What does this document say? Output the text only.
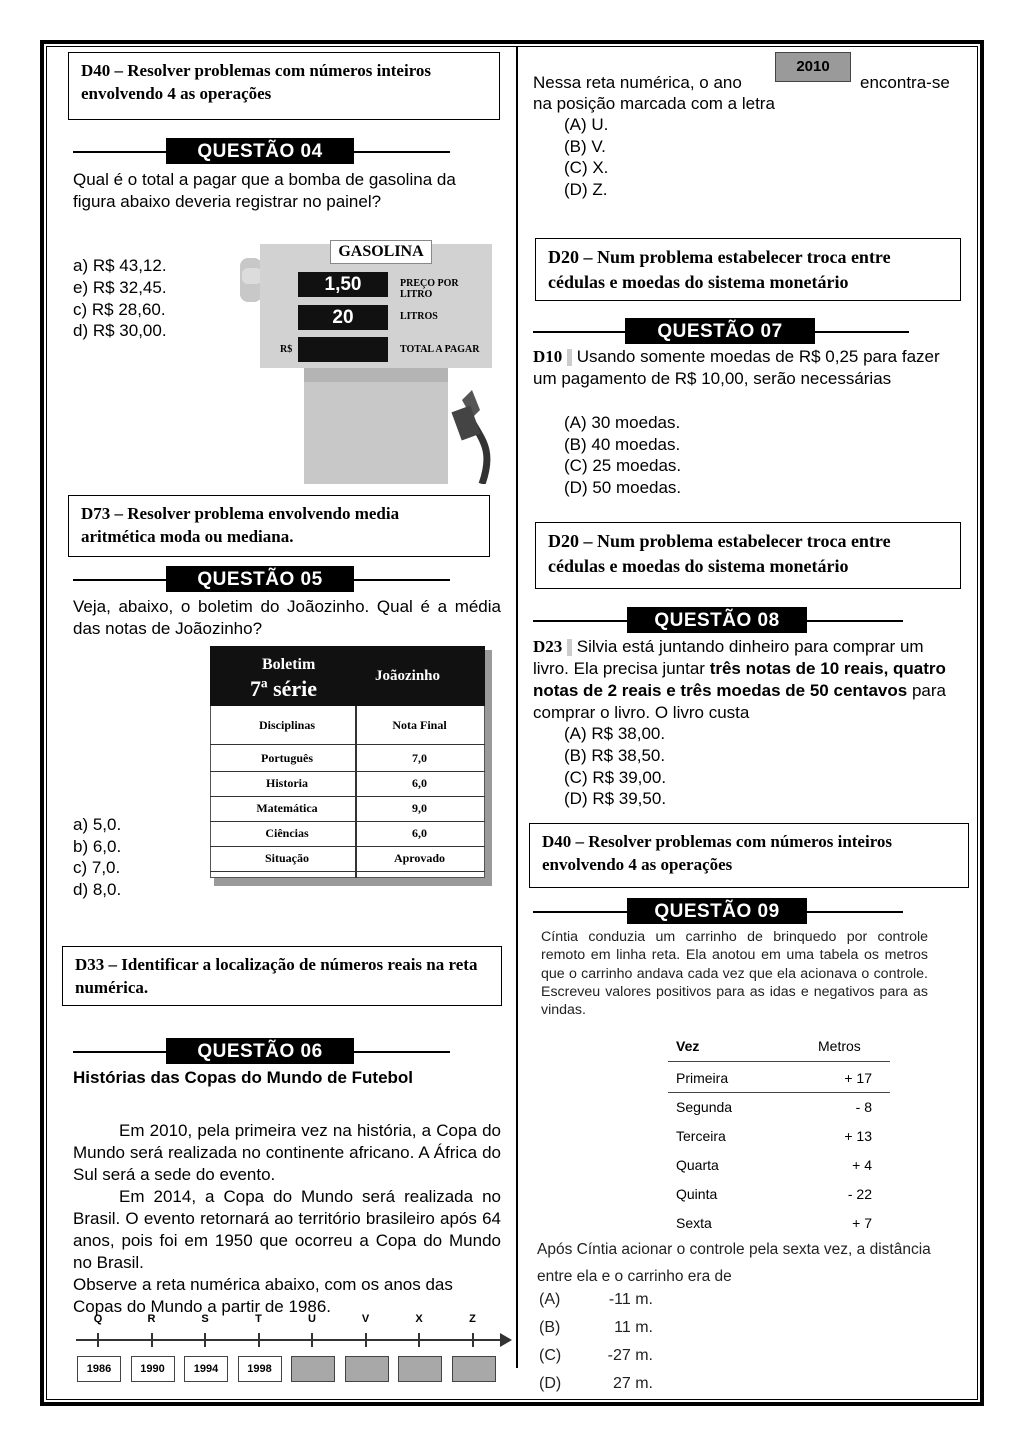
D40 – Resolver problemas com números inteiros envolvendo 4 as operações
QUESTÃO 04
Qual é o total a pagar que a bomba de gasolina da figura abaixo deveria registrar no painel?
a) R$ 43,12.
e) R$ 32,45.
c) R$ 28,60.
d) R$ 30,00.
GASOLINA
1,50	PREÇO POR LITRO
20	LITROS
R$	TOTAL A PAGAR
D73 – Resolver problema envolvendo media aritmética moda ou mediana.
QUESTÃO 05
Veja, abaixo, o boletim do Joãozinho. Qual é a média das notas de Joãozinho?
Boletim
7ª série	Joãozinho
Disciplinas	Nota Final
Português	7,0
Historia	6,0
Matemática	9,0
Ciências	6,0
Situação	Aprovado
a) 5,0.
b) 6,0.
c) 7,0.
d) 8,0.
D33 – Identificar a localização de números reais na reta numérica.
QUESTÃO 06
Histórias das Copas do Mundo de Futebol
Em 2010, pela primeira vez na história, a Copa do Mundo será realizada no continente africano. A África do Sul será a sede do evento.
Em 2014, a Copa do Mundo será realizada no Brasil. O evento retornará ao território brasileiro após 64 anos, pois foi em 1950 que ocorreu a Copa do Mundo no Brasil.
Observe a reta numérica abaixo, com os anos das Copas do Mundo a partir de 1986.
Q
1986
R
1990
S
1994
T
1998
U	V	X	Z
Nessa reta numérica, o ano
2010
encontra-se
na posição marcada com a letra
(A) U.
(B) V.
(C) X.
(D) Z.
D20 – Num problema estabelecer troca entre cédulas e moedas do sistema monetário
QUESTÃO 07
D10 Usando somente moedas de R$ 0,25 para fazer um pagamento de R$ 10,00, serão necessárias
(A) 30 moedas.
(B) 40 moedas.
(C) 25 moedas.
(D) 50 moedas.
D20 – Num problema estabelecer troca entre cédulas e moedas do sistema monetário
QUESTÃO 08
D23 Silvia está juntando dinheiro para comprar um livro. Ela precisa juntar três notas de 10 reais, quatro notas de 2 reais e três moedas de 50 centavos para comprar o livro. O livro custa
(A) R$ 38,00.
(B) R$ 38,50.
(C) R$ 39,00.
(D) R$ 39,50.
D40 – Resolver problemas com números inteiros envolvendo 4 as operações
QUESTÃO 09
Cíntia conduzia um carrinho de brinquedo por controle remoto em linha reta. Ela anotou em uma tabela os metros que o carrinho andava cada vez que ela acionava o controle. Escreveu valores positivos para as idas e negativos para as vindas.
Vez	Metros
Primeira	+ 17
Segunda	- 8
Terceira	+ 13
Quarta	+ 4
Quinta	- 22
Sexta	+ 7
Após Cíntia acionar o controle pela sexta vez, a distância entre ela e o carrinho era de
(A)	-11 m.
(B)	11 m.
(C)	-27 m.
(D)	27 m.
